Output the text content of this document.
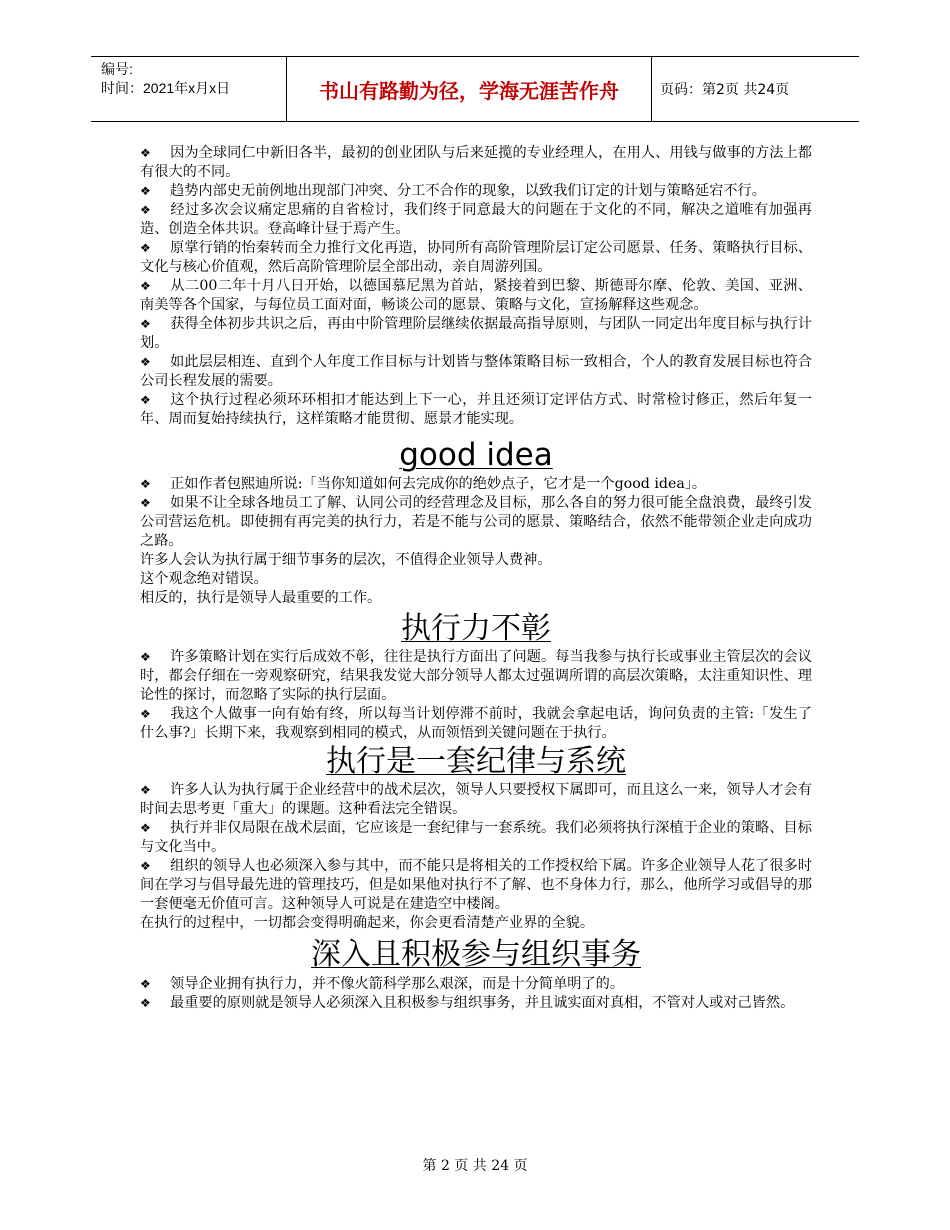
编号:
时间：2021年x月x日	书山有路勤为径，学海无涯苦作舟	页码：第2页 共24页

❖ 因为全球同仁中新旧各半，最初的创业团队与后来延揽的专业经理人，在用人、用钱与做事的方法上都有很大的不同。

❖ 趋势内部史无前例地出现部门冲突、分工不合作的现象，以致我们订定的计划与策略延宕不行。

❖ 经过多次会议痛定思痛的自省检讨，我们终于同意最大的问题在于文化的不同，解决之道唯有加强再造、创造全体共识。登高峰计昼于焉产生。

❖ 原掌行销的怡秦转而全力推行文化再造，协同所有高阶管理阶层订定公司愿景、任务、策略执行目标、文化与核心价值观，然后高阶管理阶层全部出动，亲自周游列国。

❖ 从二00二年十月八日开始，以德国慕尼黑为首站，紧接着到巴黎、斯德哥尔摩、伦敦、美国、亚洲、南美等各个国家，与每位员工面对面，畅谈公司的愿景、策略与文化，宣扬解释这些观念。

❖ 获得全体初步共识之后，再由中阶管理阶层继续依据最高指导原则，与团队一同定出年度目标与执行计划。

❖ 如此层层相连、直到个人年度工作目标与计划皆与整体策略目标一致相合，个人的教育发展目标也符合公司长程发展的需要。

❖ 这个执行过程必须环环相扣才能达到上下一心，并且还须订定评估方式、时常检讨修正，然后年复一年、周而复始持续执行，这样策略才能贯彻、愿景才能实现。

good idea

❖ 正如作者包熙迪所说:「当你知道如何去完成你的绝妙点子，它才是一个good idea」。

❖ 如果不让全球各地员工了解、认同公司的经营理念及目标，那么各自的努力很可能全盘浪费，最终引发公司营运危机。即使拥有再完美的执行力，若是不能与公司的愿景、策略结合，依然不能带领企业走向成功之路。

许多人会认为执行属于细节事务的层次，不值得企业领导人费神。

这个观念绝对错误。

相反的，执行是领导人最重要的工作。

执行力不彰

❖ 许多策略计划在实行后成效不彰，往往是执行方面出了问题。每当我参与执行长或事业主管层次的会议时，都会仔细在一旁观察研究，结果我发觉大部分领导人都太过强调所谓的高层次策略，太注重知识性、理论性的探讨，而忽略了实际的执行层面。

❖ 我这个人做事一向有始有终，所以每当计划停滞不前时，我就会拿起电话，询问负责的主管:「发生了什么事?」长期下来，我观察到相同的模式，从而领悟到关键问题在于执行。

执行是一套纪律与系统

❖ 许多人认为执行属于企业经营中的战术层次，领导人只要授权下属即可，而且这么一来，领导人才会有时间去思考更「重大」的课题。这种看法完全错误。

❖ 执行并非仅局限在战术层面，它应该是一套纪律与一套系统。我们必须将执行深植于企业的策略、目标与文化当中。

❖ 组织的领导人也必须深入参与其中，而不能只是将相关的工作授权给下属。许多企业领导人花了很多时间在学习与倡导最先进的管理技巧，但是如果他对执行不了解、也不身体力行，那么，他所学习或倡导的那一套便毫无价值可言。这种领导人可说是在建造空中楼阁。

在执行的过程中，一切都会变得明确起来，你会更看清楚产业界的全貌。

深入且积极参与组织事务

❖ 领导企业拥有执行力，并不像火箭科学那么艰深，而是十分简单明了的。

❖ 最重要的原则就是领导人必须深入且积极参与组织事务，并且诚实面对真相，不管对人或对己皆然。

第 2 页 共 24 页
